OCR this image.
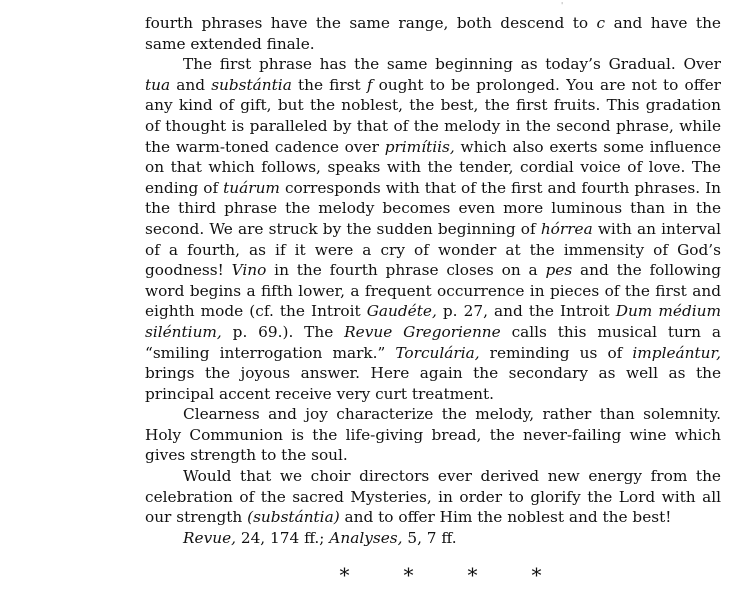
'

fourth phrases have the same range, both descend to c and have the same extended finale.

The first phrase has the same beginning as today’s Gradual. Over tua and substántia the first f ought to be prolonged. You are not to offer any kind of gift, but the noblest, the best, the first fruits. This gradation of thought is paralleled by that of the melody in the second phrase, while the warm-toned cadence over primítiis, which also exerts some influence on that which follows, speaks with the tender, cordial voice of love. The ending of tuárum corresponds with that of the first and fourth phrases. In the third phrase the melody becomes even more luminous than in the second. We are struck by the sudden beginning of hórrea with an interval of a fourth, as if it were a cry of wonder at the immensity of God’s goodness! Vino in the fourth phrase closes on a pes and the following word begins a fifth lower, a frequent occurrence in pieces of the first and eighth mode (cf. the Introit Gaudéte, p. 27, and the Introit Dum médium siléntium, p. 69.). The Revue Gregorienne calls this musical turn a “smiling interrogation mark.” Torculária, reminding us of impleántur, brings the joyous answer. Here again the secondary as well as the principal accent receive very curt treatment.

Clearness and joy characterize the melody, rather than solemnity. Holy Communion is the life-giving bread, the never-failing wine which gives strength to the soul.

Would that we choir directors ever derived new energy from the celebration of the sacred Mysteries, in order to glorify the Lord with all our strength (substántia) and to offer Him the noblest and the best!

Revue, 24, 174 ff.; Analyses, 5, 7 ff.

*	*	*	*
